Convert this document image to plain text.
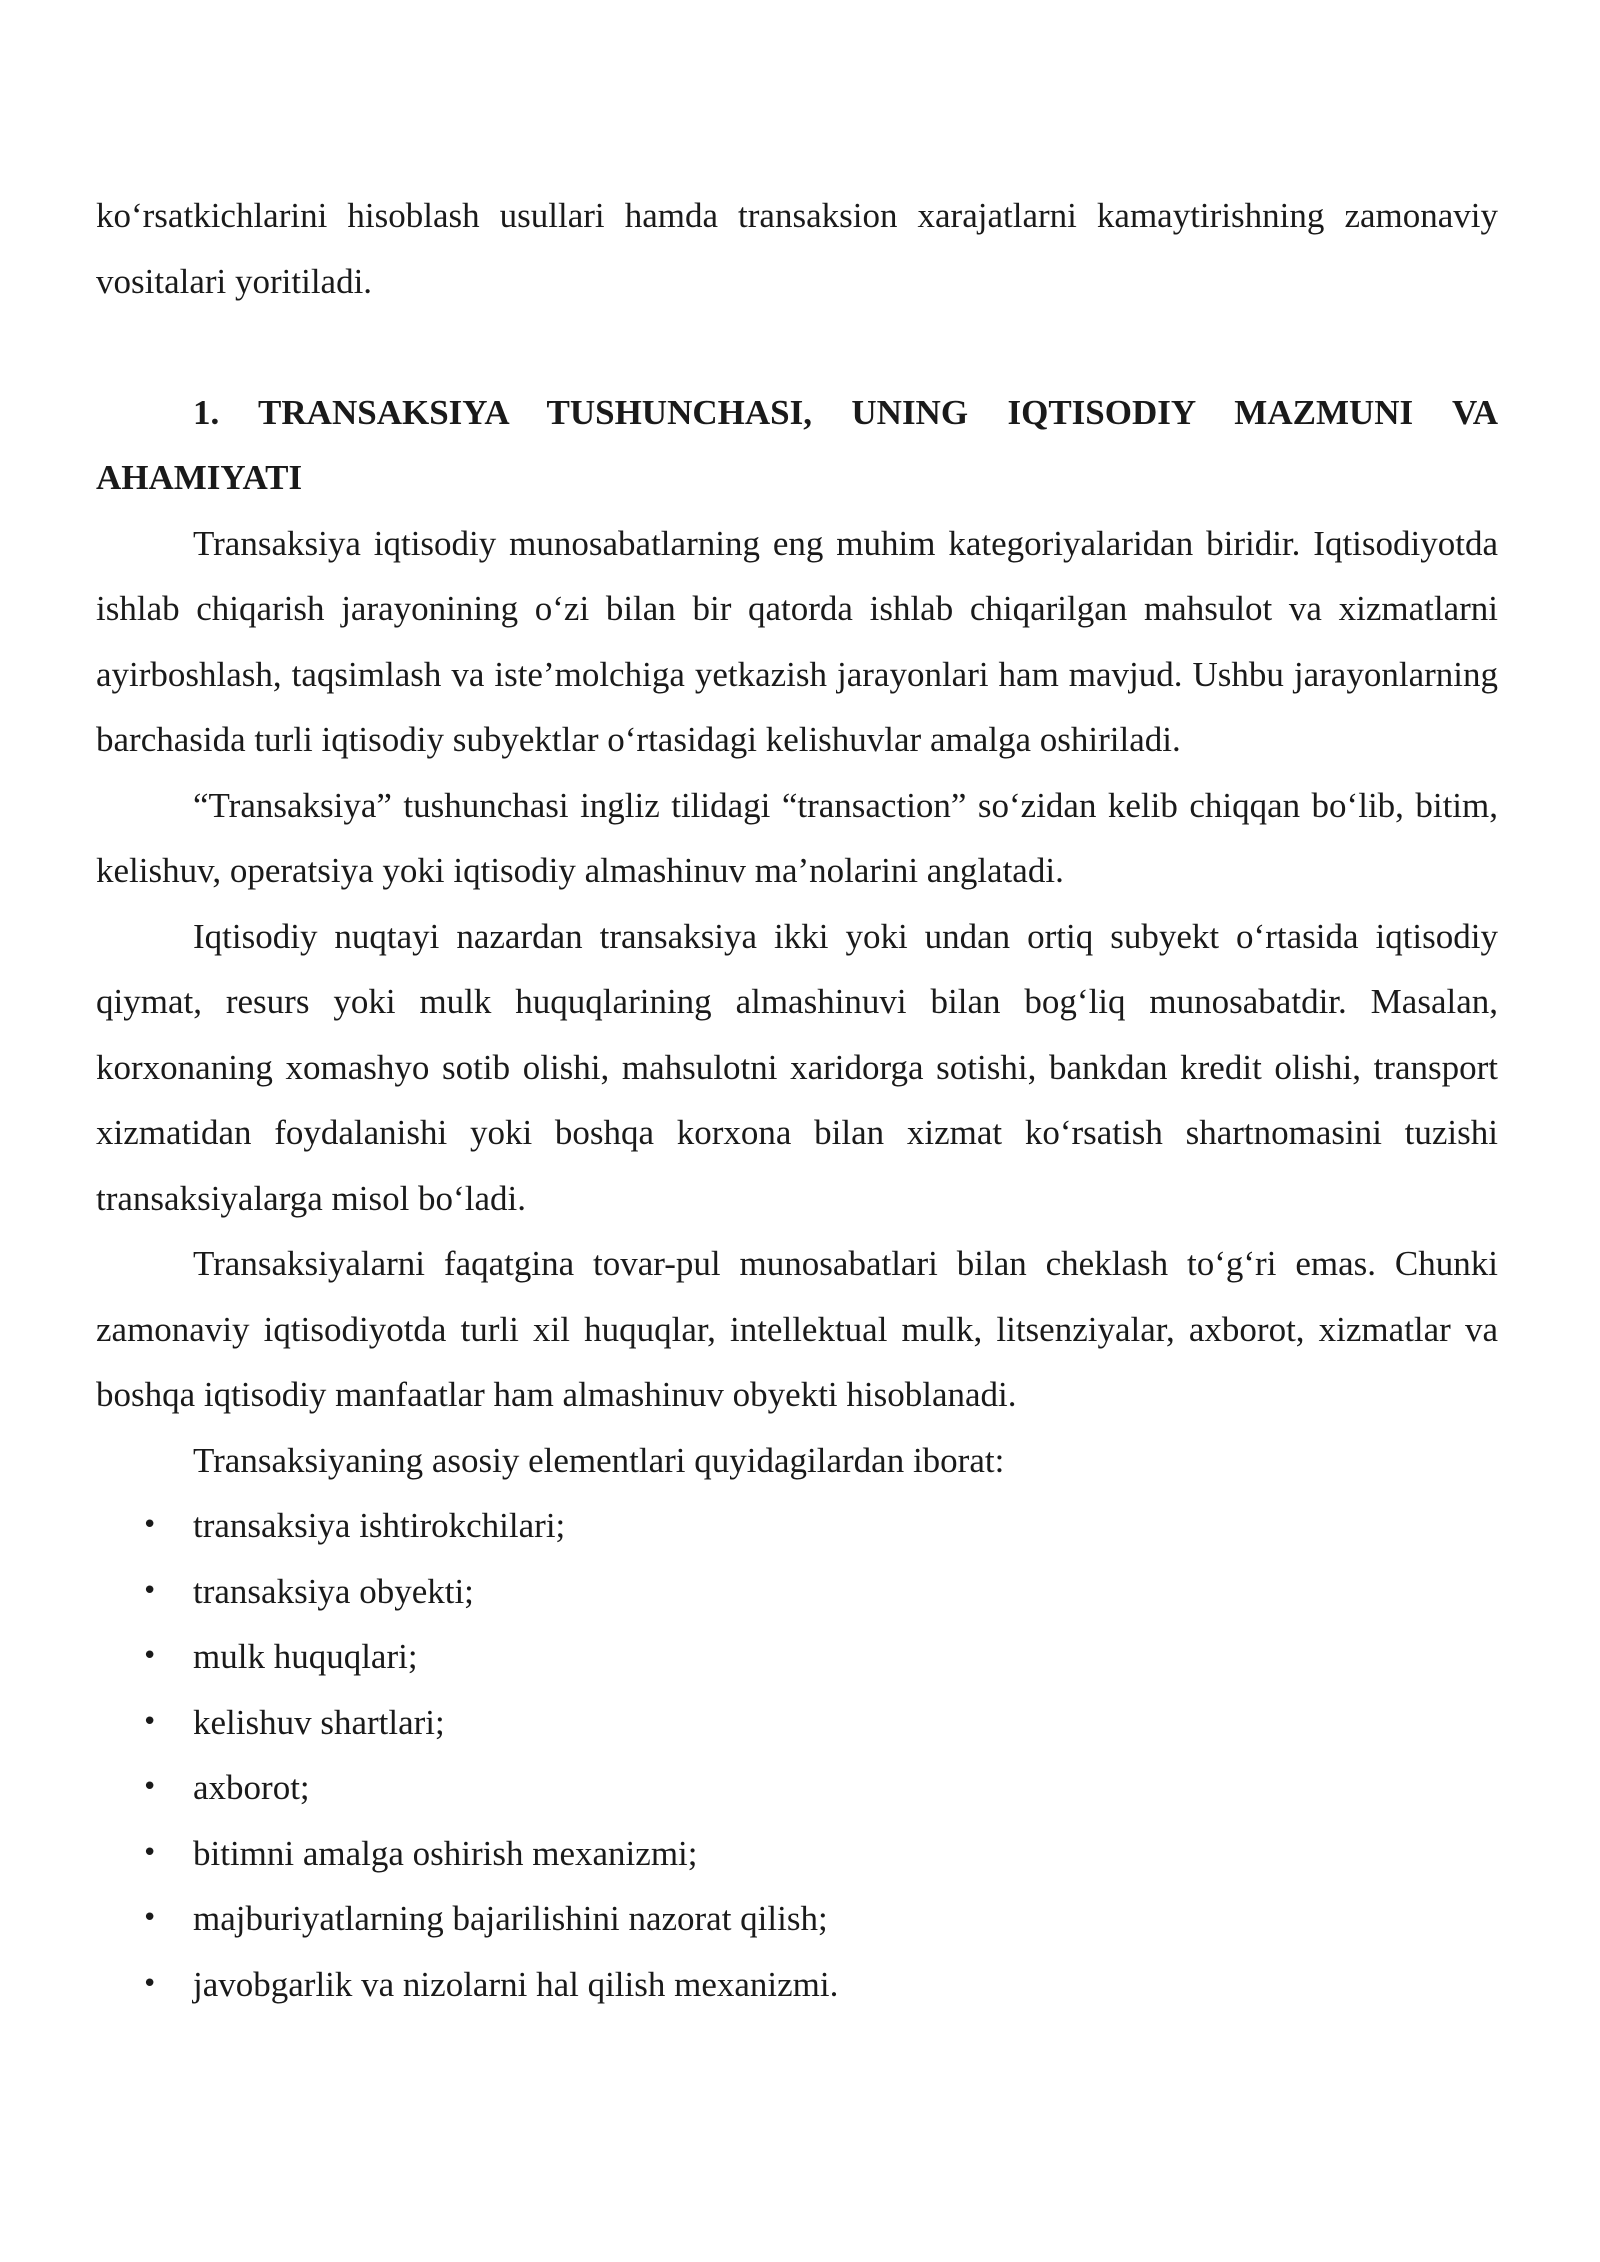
ko‘rsatkichlarini hisoblash usullari hamda transaksion xarajatlarni kamaytirishning zamonaviy vositalari yoritiladi.

1. TRANSAKSIYA TUSHUNCHASI, UNING IQTISODIY MAZMUNI VA AHAMIYATI

Transaksiya iqtisodiy munosabatlarning eng muhim kategoriyalaridan biridir. Iqtisodiyotda ishlab chiqarish jarayonining o‘zi bilan bir qatorda ishlab chiqarilgan mahsulot va xizmatlarni ayirboshlash, taqsimlash va iste’molchiga yetkazish jarayonlari ham mavjud. Ushbu jarayonlarning barchasida turli iqtisodiy subyektlar o‘rtasidagi kelishuvlar amalga oshiriladi.

“Transaksiya” tushunchasi ingliz tilidagi “transaction” so‘zidan kelib chiqqan bo‘lib, bitim, kelishuv, operatsiya yoki iqtisodiy almashinuv ma’nolarini anglatadi.

Iqtisodiy nuqtayi nazardan transaksiya ikki yoki undan ortiq subyekt o‘rtasida iqtisodiy qiymat, resurs yoki mulk huquqlarining almashinuvi bilan bog‘liq munosabatdir. Masalan, korxonaning xomashyo sotib olishi, mahsulotni xaridorga sotishi, bankdan kredit olishi, transport xizmatidan foydalanishi yoki boshqa korxona bilan xizmat ko‘rsatish shartnomasini tuzishi transaksiyalarga misol bo‘ladi.

Transaksiyalarni faqatgina tovar-pul munosabatlari bilan cheklash to‘g‘ri emas. Chunki zamonaviy iqtisodiyotda turli xil huquqlar, intellektual mulk, litsenziyalar, axborot, xizmatlar va boshqa iqtisodiy manfaatlar ham almashinuv obyekti hisoblanadi.

Transaksiyaning asosiy elementlari quyidagilardan iborat:

• transaksiya ishtirokchilari;
• transaksiya obyekti;
• mulk huquqlari;
• kelishuv shartlari;
• axborot;
• bitimni amalga oshirish mexanizmi;
• majburiyatlarning bajarilishini nazorat qilish;
• javobgarlik va nizolarni hal qilish mexanizmi.
